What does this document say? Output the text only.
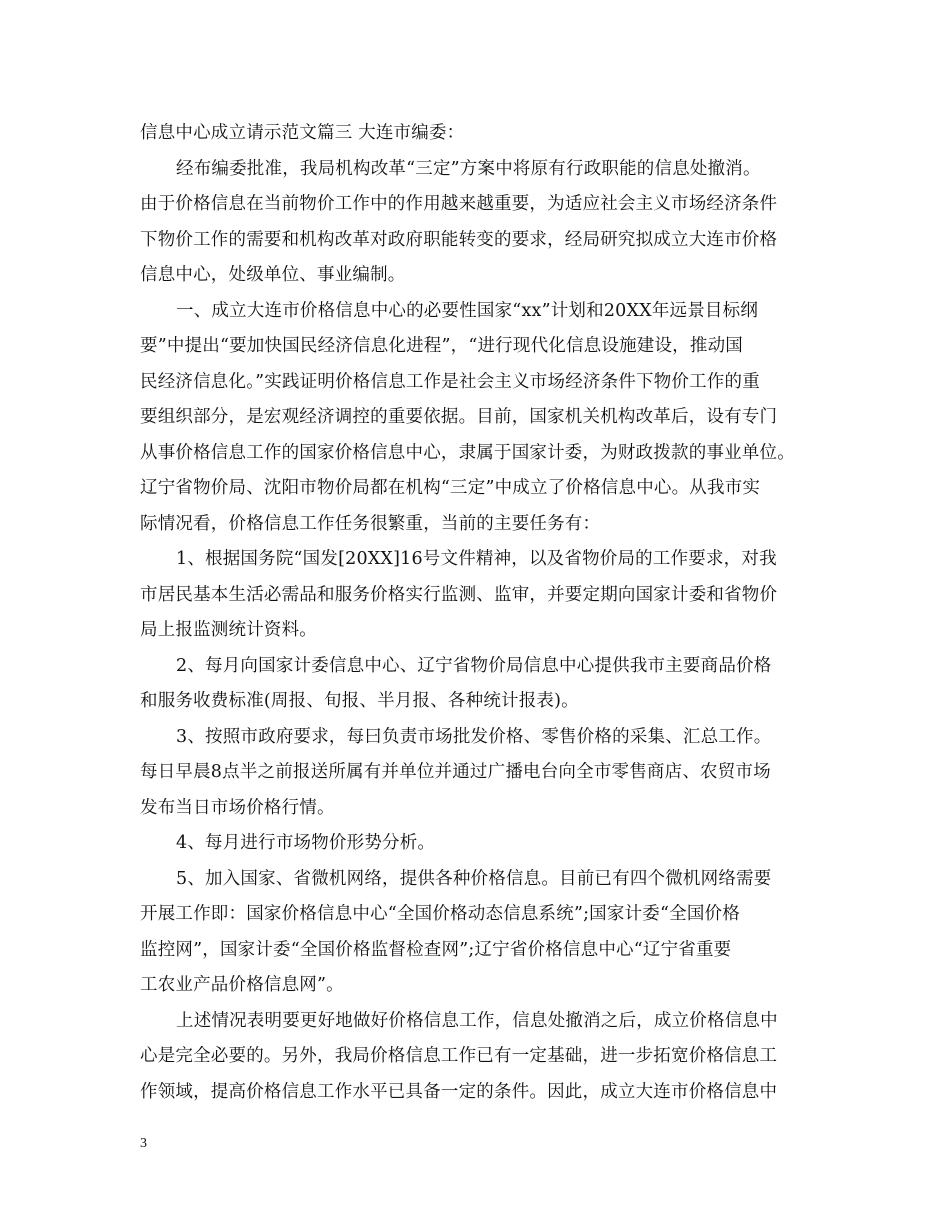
信息中心成立请示范文篇三 大连市编委：
经布编委批准，我局机构改革“三定”方案中将原有行政职能的信息处撤消。
由于价格信息在当前物价工作中的作用越来越重要，为适应社会主义市场经济条件
下物价工作的需要和机构改革对政府职能转变的要求，经局研究拟成立大连市价格
信息中心，处级单位、事业编制。
一、成立大连市价格信息中心的必要性国家“xx”计划和20XX年远景目标纲
要”中提出“要加快国民经济信息化进程”，“进行现代化信息设施建设，推动国
民经济信息化。”实践证明价格信息工作是社会主义市场经济条件下物价工作的重
要组织部分，是宏观经济调控的重要依据。目前，国家机关机构改革后，设有专门
从事价格信息工作的国家价格信息中心，隶属于国家计委，为财政拨款的事业单位。
辽宁省物价局、沈阳市物价局都在机构“三定”中成立了价格信息中心。从我市实
际情况看，价格信息工作任务很繁重，当前的主要任务有：
1、根据国务院“国发[20XX]16号文件精神，以及省物价局的工作要求，对我
市居民基本生活必需品和服务价格实行监测、监审，并要定期向国家计委和省物价
局上报监测统计资料。
2、每月向国家计委信息中心、辽宁省物价局信息中心提供我市主要商品价格
和服务收费标准(周报、旬报、半月报、各种统计报表)。
3、按照市政府要求，每曰负责市场批发价格、零售价格的采集、汇总工作。
每日早晨8点半之前报送所属有并单位并通过广播电台向全市零售商店、农贸市场
发布当日市场价格行情。
4、每月进行市场物价形势分析。
5、加入国家、省微机网络，提供各种价格信息。目前已有四个微机网络需要
开展工作即：国家价格信息中心“全国价格动态信息系统”;国家计委“全国价格
监控网”，国家计委“全国价格监督检查网”;辽宁省价格信息中心“辽宁省重要
工农业产品价格信息网”。
上述情况表明要更好地做好价格信息工作，信息处撤消之后，成立价格信息中
心是完全必要的。另外，我局价格信息工作已有一定基础，进一步拓宽价格信息工
作领域，提高价格信息工作水平已具备一定的条件。因此，成立大连市价格信息中
3
